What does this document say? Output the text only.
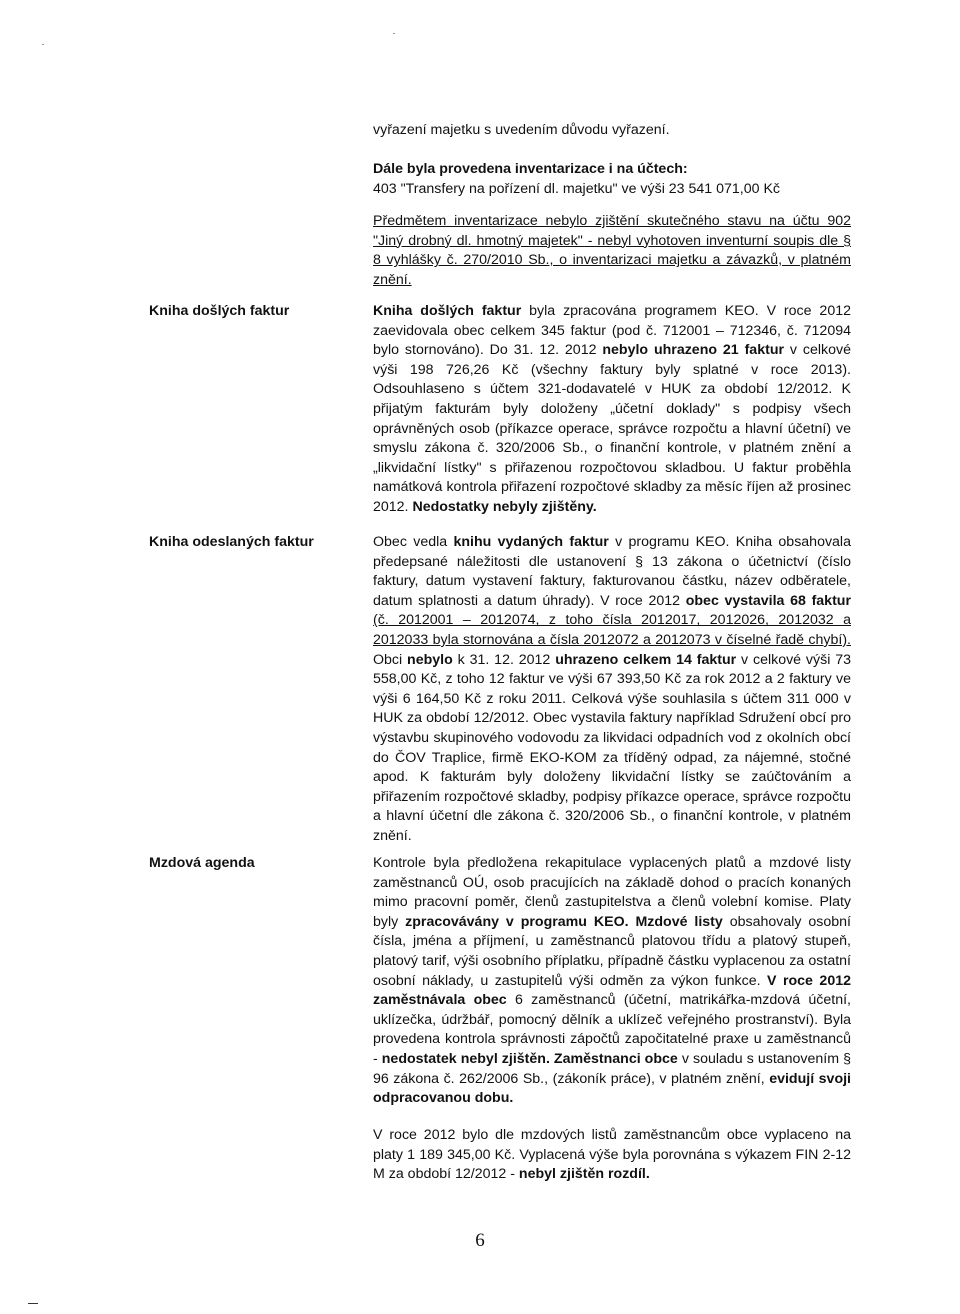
vyřazení majetku s uvedením důvodu vyřazení.

Dále byla provedena inventarizace i na účtech:

403 "Transfery na pořízení dl. majetku" ve výši 23 541 071,00 Kč

Předmětem inventarizace nebylo zjištění skutečného stavu na účtu 902 "Jiný drobný dl. hmotný majetek" - nebyl vyhotoven inventurní soupis dle § 8 vyhlášky č. 270/2010 Sb., o inventarizaci majetku a závazků, v platném znění.

Kniha došlých faktur	Kniha došlých faktur byla zpracována programem KEO. V roce 2012 zaevidovala obec celkem 345 faktur (pod č. 712001 – 712346, č. 712094 bylo stornováno). Do 31. 12. 2012 nebylo uhrazeno 21 faktur v celkové výši 198 726,26 Kč (všechny faktury byly splatné v roce 2013). Odsouhlaseno s účtem 321-dodavatelé v HUK za období 12/2012. K přijatým fakturám byly doloženy „účetní doklady" s podpisy všech oprávněných osob (příkazce operace, správce rozpočtu a hlavní účetní) ve smyslu zákona č. 320/2006 Sb., o finanční kontrole, v platném znění a „likvidační lístky" s přiřazenou rozpočtovou skladbou. U faktur proběhla namátková kontrola přiřazení rozpočtové skladby za měsíc říjen až prosinec 2012. Nedostatky nebyly zjištěny.

Kniha odeslaných faktur	Obec vedla knihu vydaných faktur v programu KEO. Kniha obsahovala předepsané náležitosti dle ustanovení § 13 zákona o účetnictví (číslo faktury, datum vystavení faktury, fakturovanou částku, název odběratele, datum splatnosti a datum úhrady). V roce 2012 obec vystavila 68 faktur (č. 2012001 – 2012074, z toho čísla 2012017, 2012026, 2012032 a 2012033 byla stornována a čísla 2012072 a 2012073 v číselné řadě chybí). Obci nebylo k 31. 12. 2012 uhrazeno celkem 14 faktur v celkové výši 73 558,00 Kč, z toho 12 faktur ve výši 67 393,50 Kč za rok 2012 a 2 faktury ve výši 6 164,50 Kč z roku 2011. Celková výše souhlasila s účtem 311 000 v HUK za období 12/2012. Obec vystavila faktury například Sdružení obcí pro výstavbu skupinového vodovodu za likvidaci odpadních vod z okolních obcí do ČOV Traplice, firmě EKO-KOM za tříděný odpad, za nájemné, stočné apod. K fakturám byly doloženy likvidační lístky se zaúčtováním a přiřazením rozpočtové skladby, podpisy příkazce operace, správce rozpočtu a hlavní účetní dle zákona č. 320/2006 Sb., o finanční kontrole, v platném znění.

Mzdová agenda	Kontrole byla předložena rekapitulace vyplacených platů a mzdové listy zaměstnanců OÚ, osob pracujících na základě dohod o pracích konaných mimo pracovní poměr, členů zastupitelstva a členů volební komise. Platy byly zpracovávány v programu KEO. Mzdové listy obsahovaly osobní čísla, jména a příjmení, u zaměstnanců platovou třídu a platový stupeň, platový tarif, výši osobního příplatku, případně částku vyplacenou za ostatní osobní náklady, u zastupitelů výši odměn za výkon funkce. V roce 2012 zaměstnávala obec 6 zaměstnanců (účetní, matrikářka-mzdová účetní, uklízečka, údržbář, pomocný dělník a uklízeč veřejného prostranství). Byla provedena kontrola správnosti zápočtů započitatelné praxe u zaměstnanců - nedostatek nebyl zjištěn. Zaměstnanci obce v souladu s ustanovením § 96 zákona č. 262/2006 Sb., (zákoník práce), v platném znění, evidují svoji odpracovanou dobu.

V roce 2012 bylo dle mzdových listů zaměstnancům obce vyplaceno na platy 1 189 345,00 Kč. Vyplacená výše byla porovnána s výkazem FIN 2-12 M za období 12/2012 - nebyl zjištěn rozdíl.

6
